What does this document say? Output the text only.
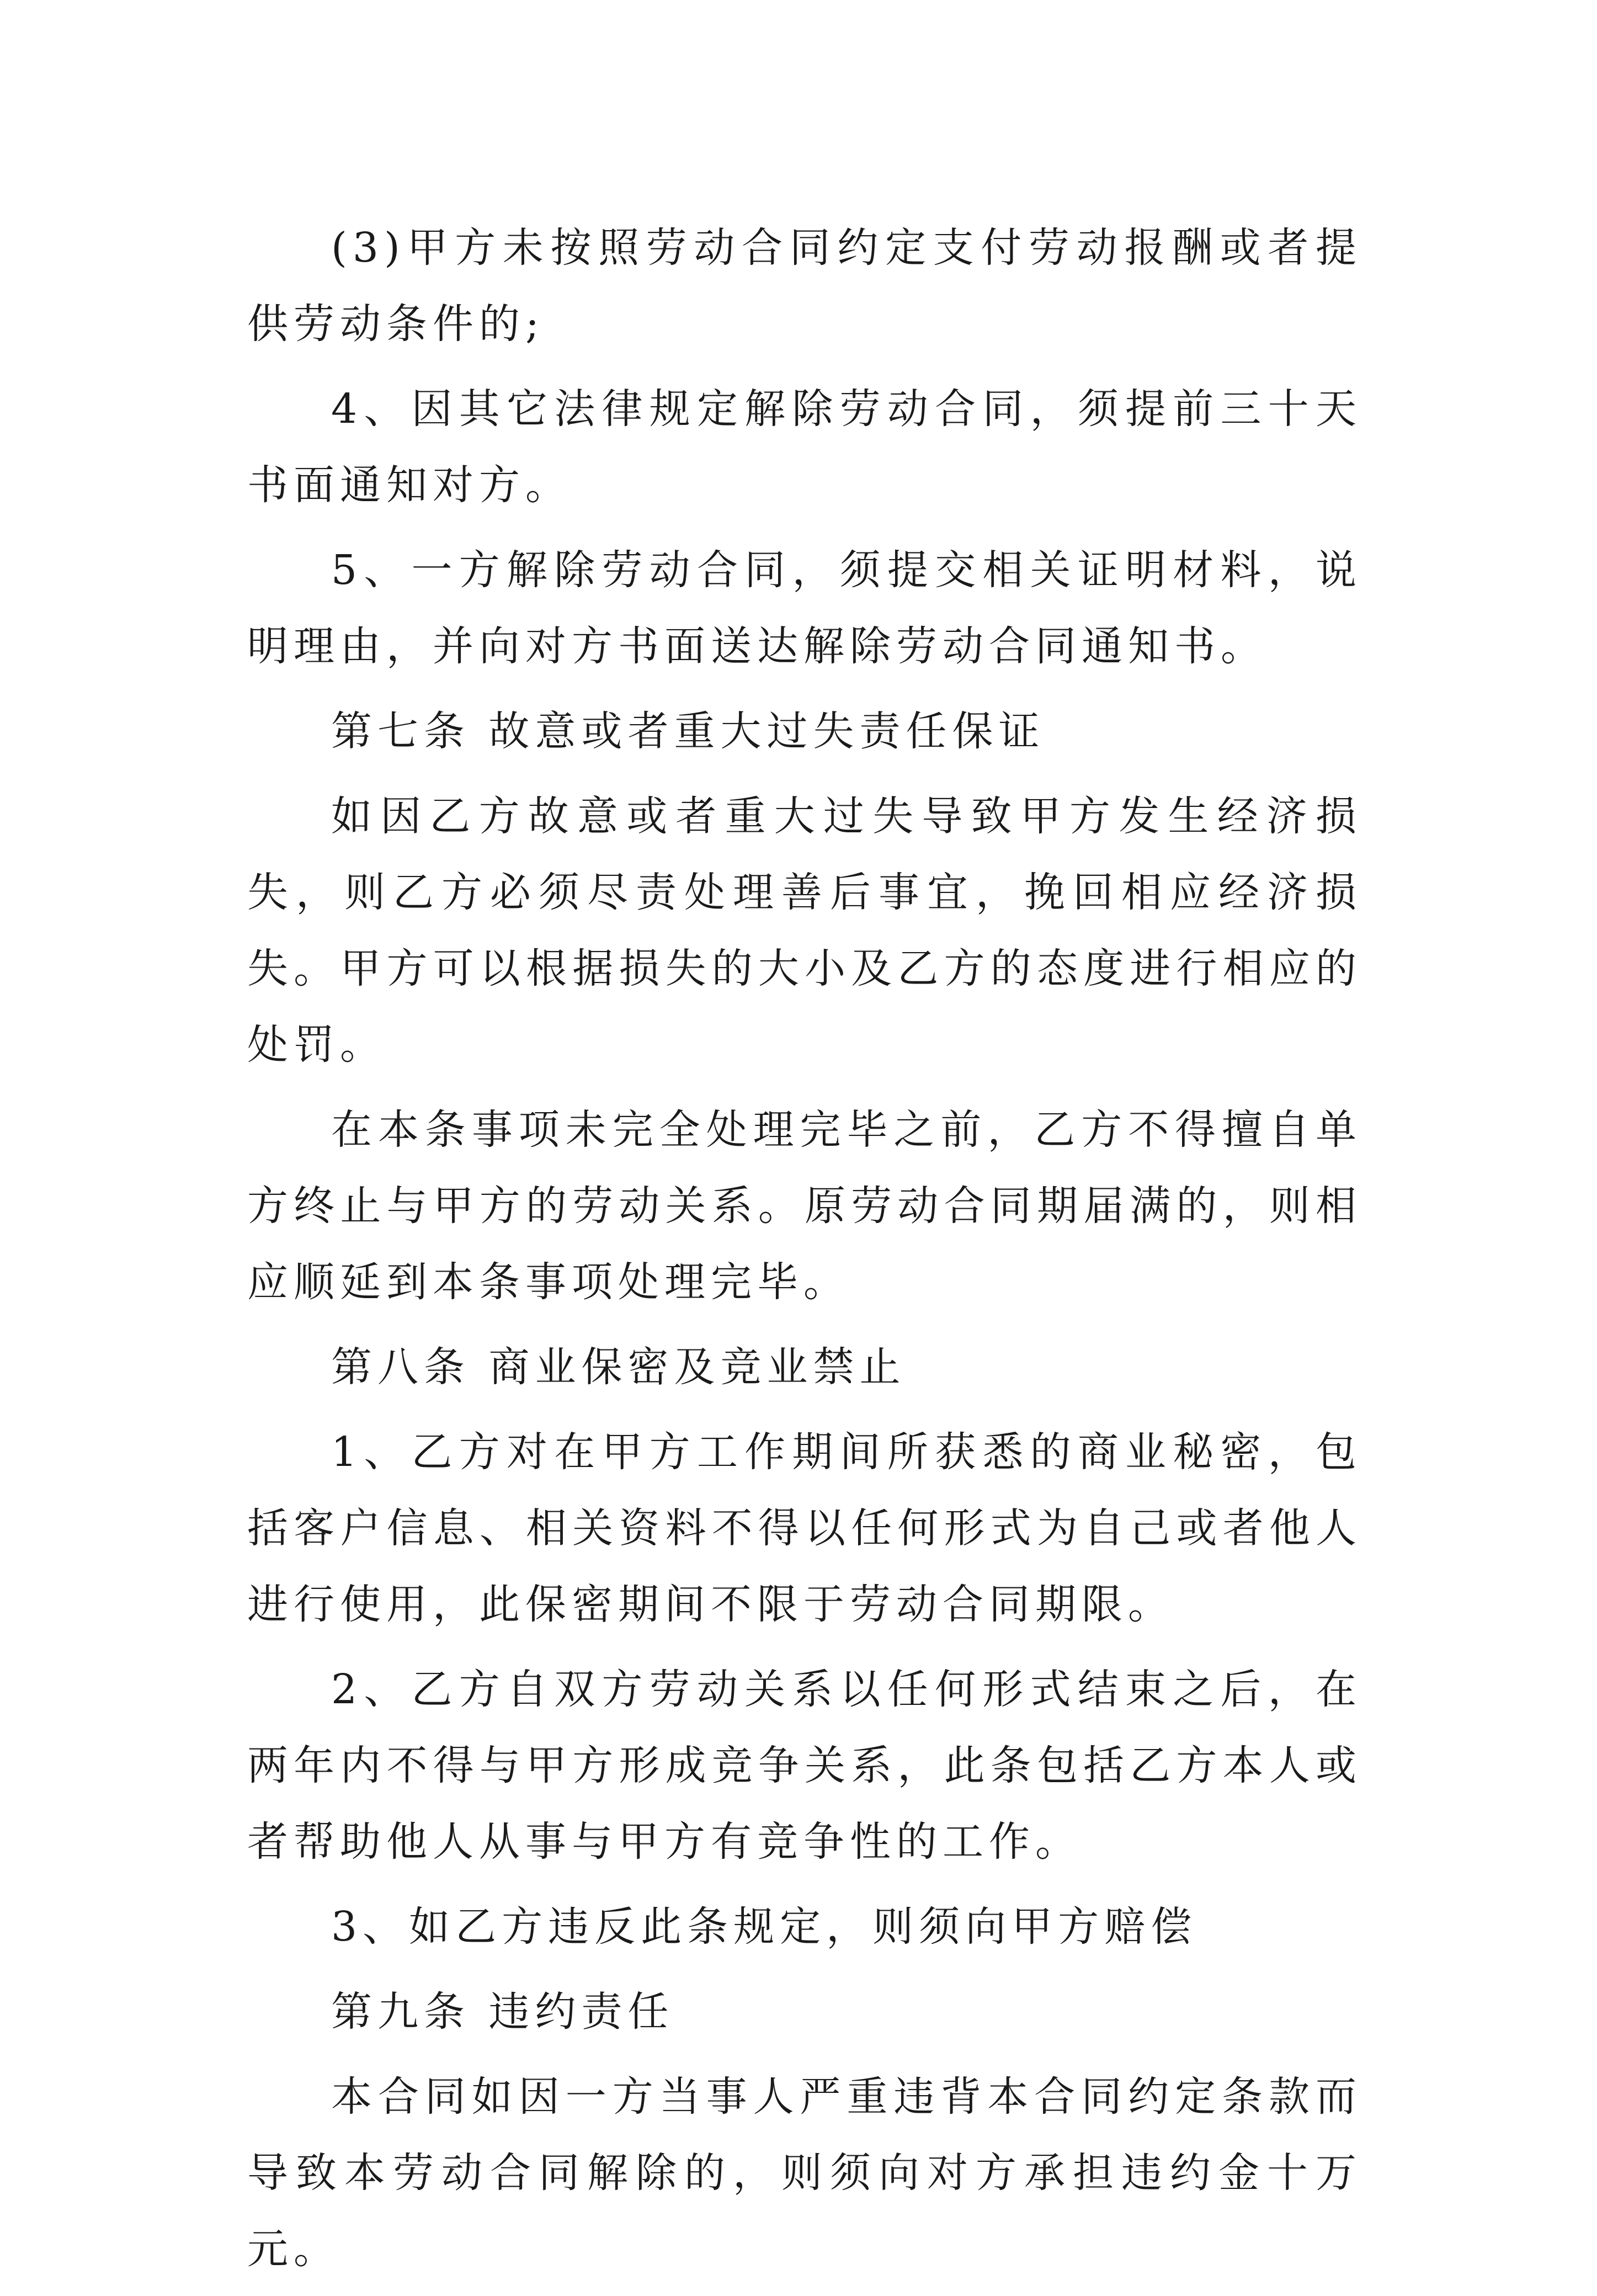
(3)甲方未按照劳动合同约定支付劳动报酬或者提供劳动条件的;

4、因其它法律规定解除劳动合同，须提前三十天书面通知对方。

5、一方解除劳动合同，须提交相关证明材料，说明理由，并向对方书面送达解除劳动合同通知书。

第七条 故意或者重大过失责任保证

如因乙方故意或者重大过失导致甲方发生经济损失，则乙方必须尽责处理善后事宜，挽回相应经济损失。甲方可以根据损失的大小及乙方的态度进行相应的处罚。

在本条事项未完全处理完毕之前，乙方不得擅自单方终止与甲方的劳动关系。原劳动合同期届满的，则相应顺延到本条事项处理完毕。

第八条 商业保密及竞业禁止

1、乙方对在甲方工作期间所获悉的商业秘密，包括客户信息、相关资料不得以任何形式为自己或者他人进行使用，此保密期间不限于劳动合同期限。

2、乙方自双方劳动关系以任何形式结束之后，在两年内不得与甲方形成竞争关系，此条包括乙方本人或者帮助他人从事与甲方有竞争性的工作。

3、如乙方违反此条规定，则须向甲方赔偿

第九条 违约责任

本合同如因一方当事人严重违背本合同约定条款而导致本劳动合同解除的，则须向对方承担违约金十万元。
